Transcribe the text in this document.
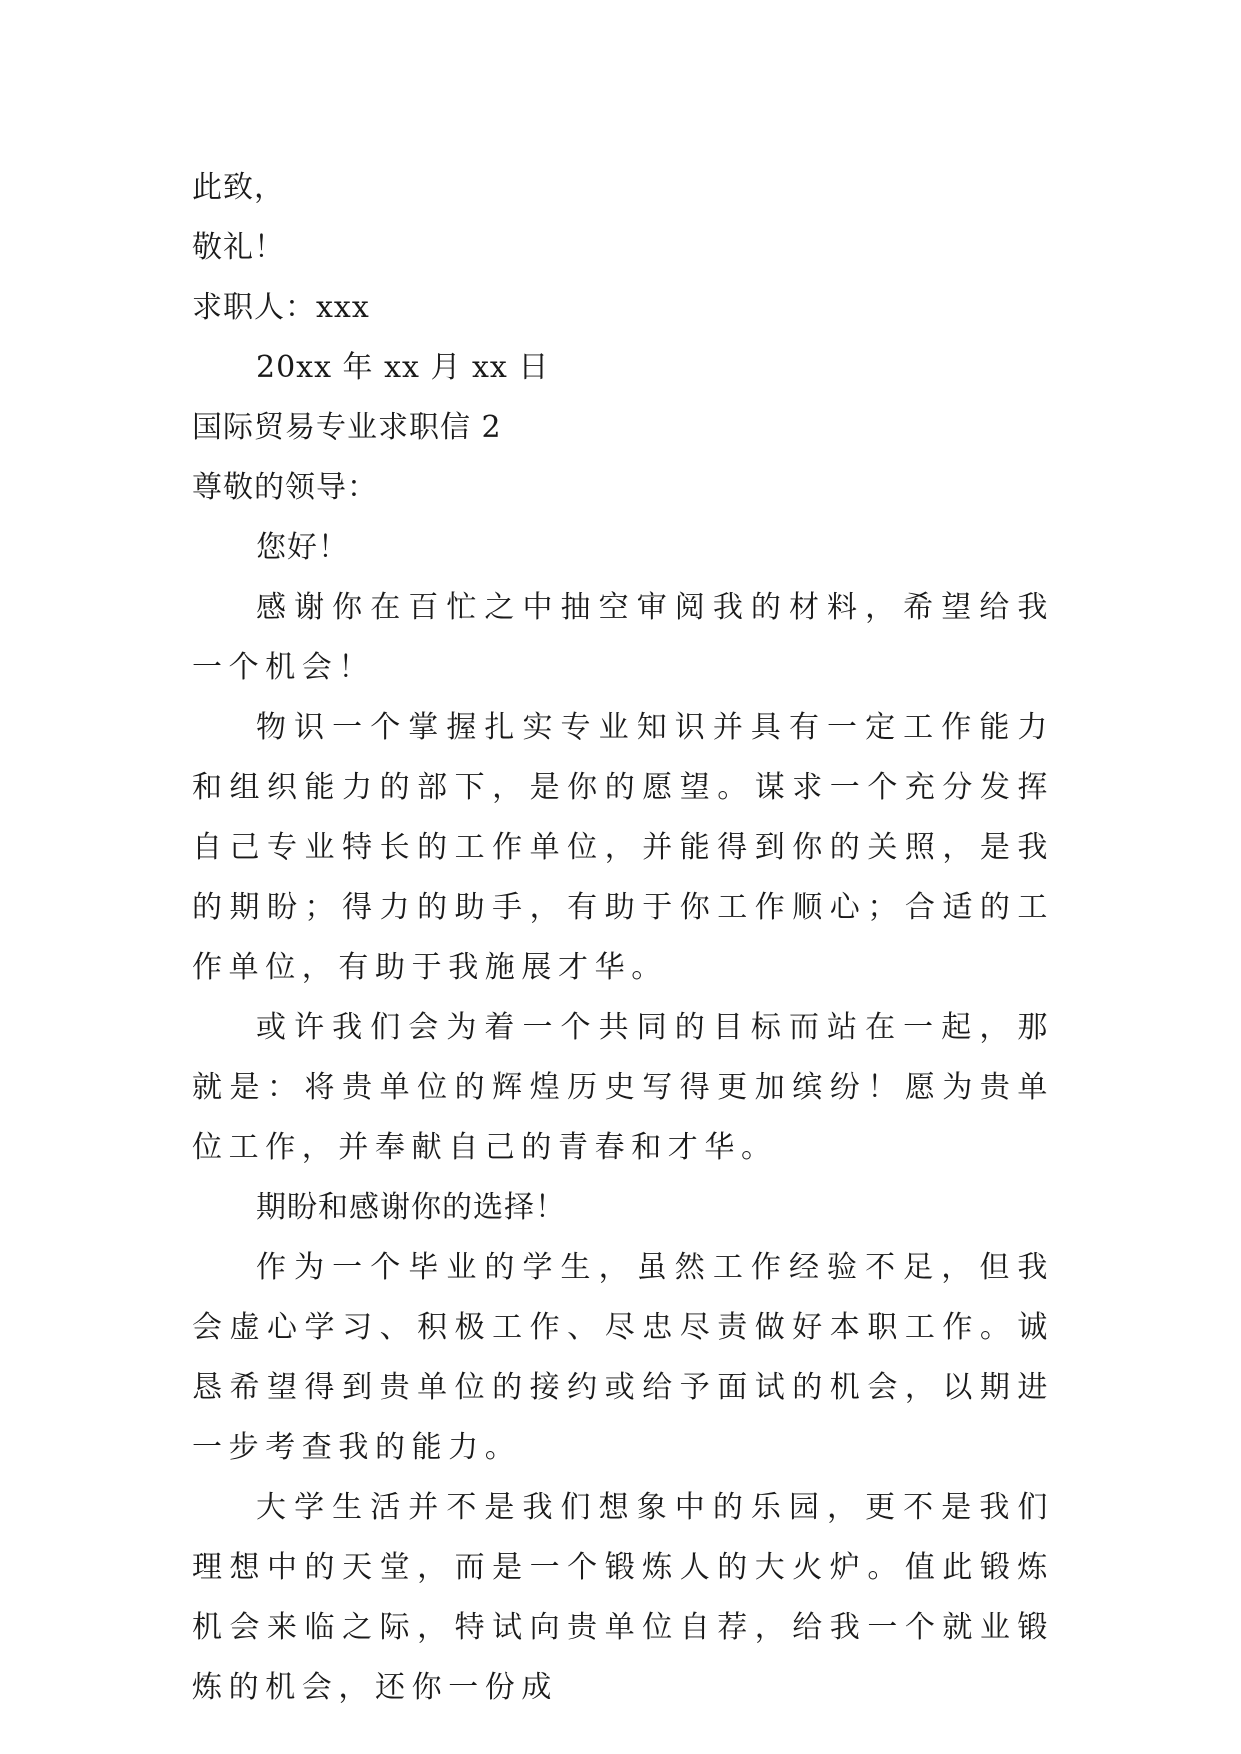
此致，
敬礼！
求职人：xxx
20xx 年 xx 月 xx 日
国际贸易专业求职信 2
尊敬的领导：
您好！

感谢你在百忙之中抽空审阅我的材料，希望给我一个机会！

物识一个掌握扎实专业知识并具有一定工作能力和组织能力的部下，是你的愿望。谋求一个充分发挥自己专业特长的工作单位，并能得到你的关照，是我的期盼；得力的助手，有助于你工作顺心；合适的工作单位，有助于我施展才华。

或许我们会为着一个共同的目标而站在一起，那就是：将贵单位的辉煌历史写得更加缤纷！愿为贵单位工作，并奉献自己的青春和才华。

期盼和感谢你的选择！

作为一个毕业的学生，虽然工作经验不足，但我会虚心学习、积极工作、尽忠尽责做好本职工作。诚恳希望得到贵单位的接约或给予面试的机会，以期进一步考查我的能力。

大学生活并不是我们想象中的乐园，更不是我们理想中的天堂，而是一个锻炼人的大火炉。值此锻炼机会来临之际，特试向贵单位自荐，给我一个就业锻炼的机会，还你一份成
